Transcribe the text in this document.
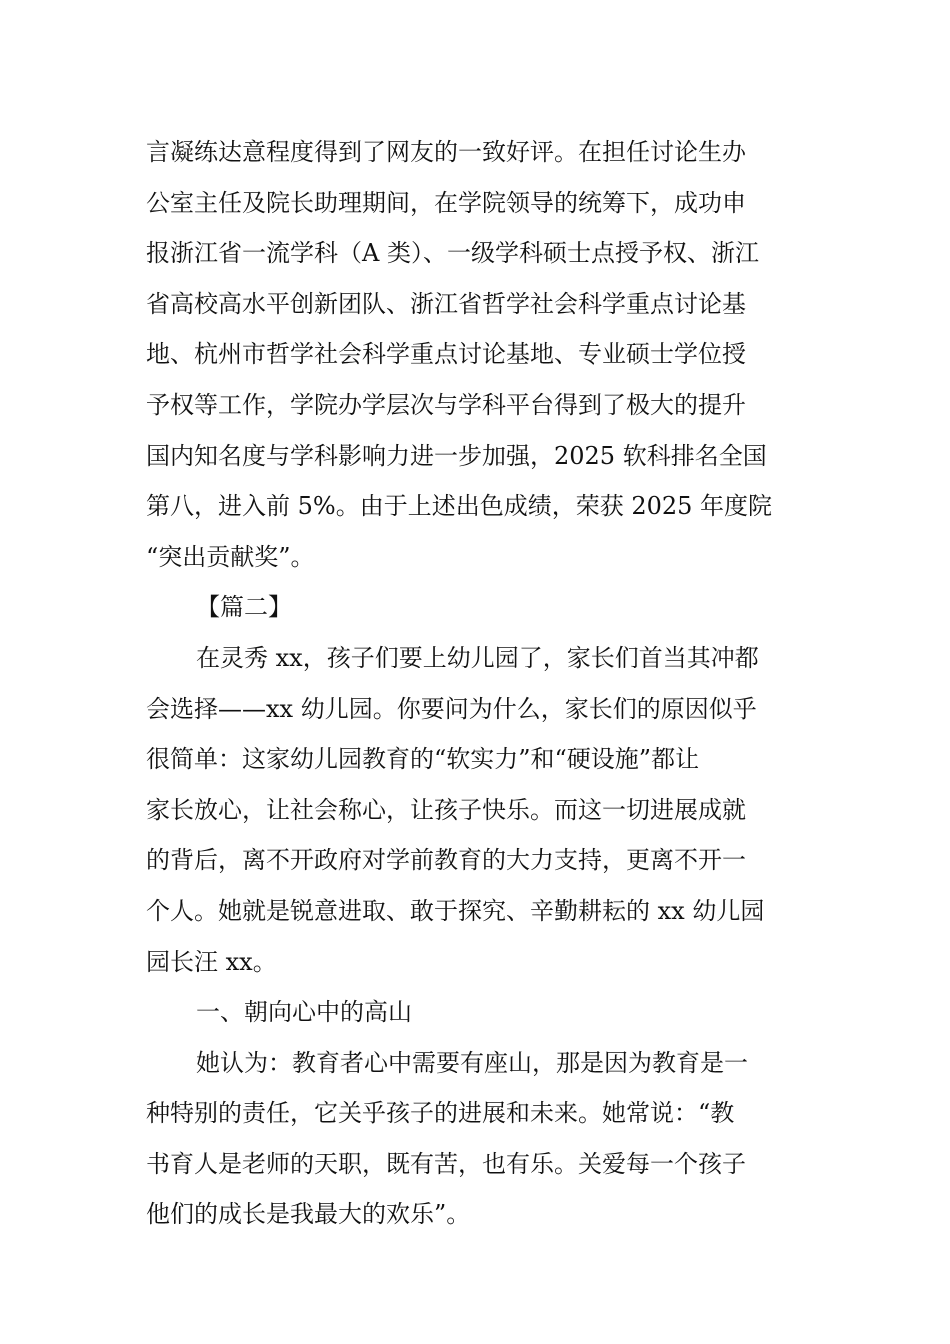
言凝练达意程度得到了网友的一致好评。在担任讨论生办
公室主任及院长助理期间，在学院领导的统筹下，成功申
报浙江省一流学科（A 类）、一级学科硕士点授予权、浙江
省高校高水平创新团队、浙江省哲学社会科学重点讨论基
地、杭州市哲学社会科学重点讨论基地、专业硕士学位授
予权等工作，学院办学层次与学科平台得到了极大的提升
国内知名度与学科影响力进一步加强，2025 软科排名全国
第八，进入前 5%。由于上述出色成绩，荣获 2025 年度院
“突出贡献奖”。
【篇二】
在灵秀 xx，孩子们要上幼儿园了，家长们首当其冲都
会选择——xx 幼儿园。你要问为什么，家长们的原因似乎
很简单：这家幼儿园教育的“软实力”和“硬设施”都让
家长放心，让社会称心，让孩子快乐。而这一切进展成就
的背后，离不开政府对学前教育的大力支持，更离不开一
个人。她就是锐意进取、敢于探究、辛勤耕耘的 xx 幼儿园
园长汪 xx。
一、朝向心中的高山
她认为：教育者心中需要有座山，那是因为教育是一
种特别的责任，它关乎孩子的进展和未来。她常说：“教
书育人是老师的天职，既有苦，也有乐。关爱每一个孩子
他们的成长是我最大的欢乐”。
